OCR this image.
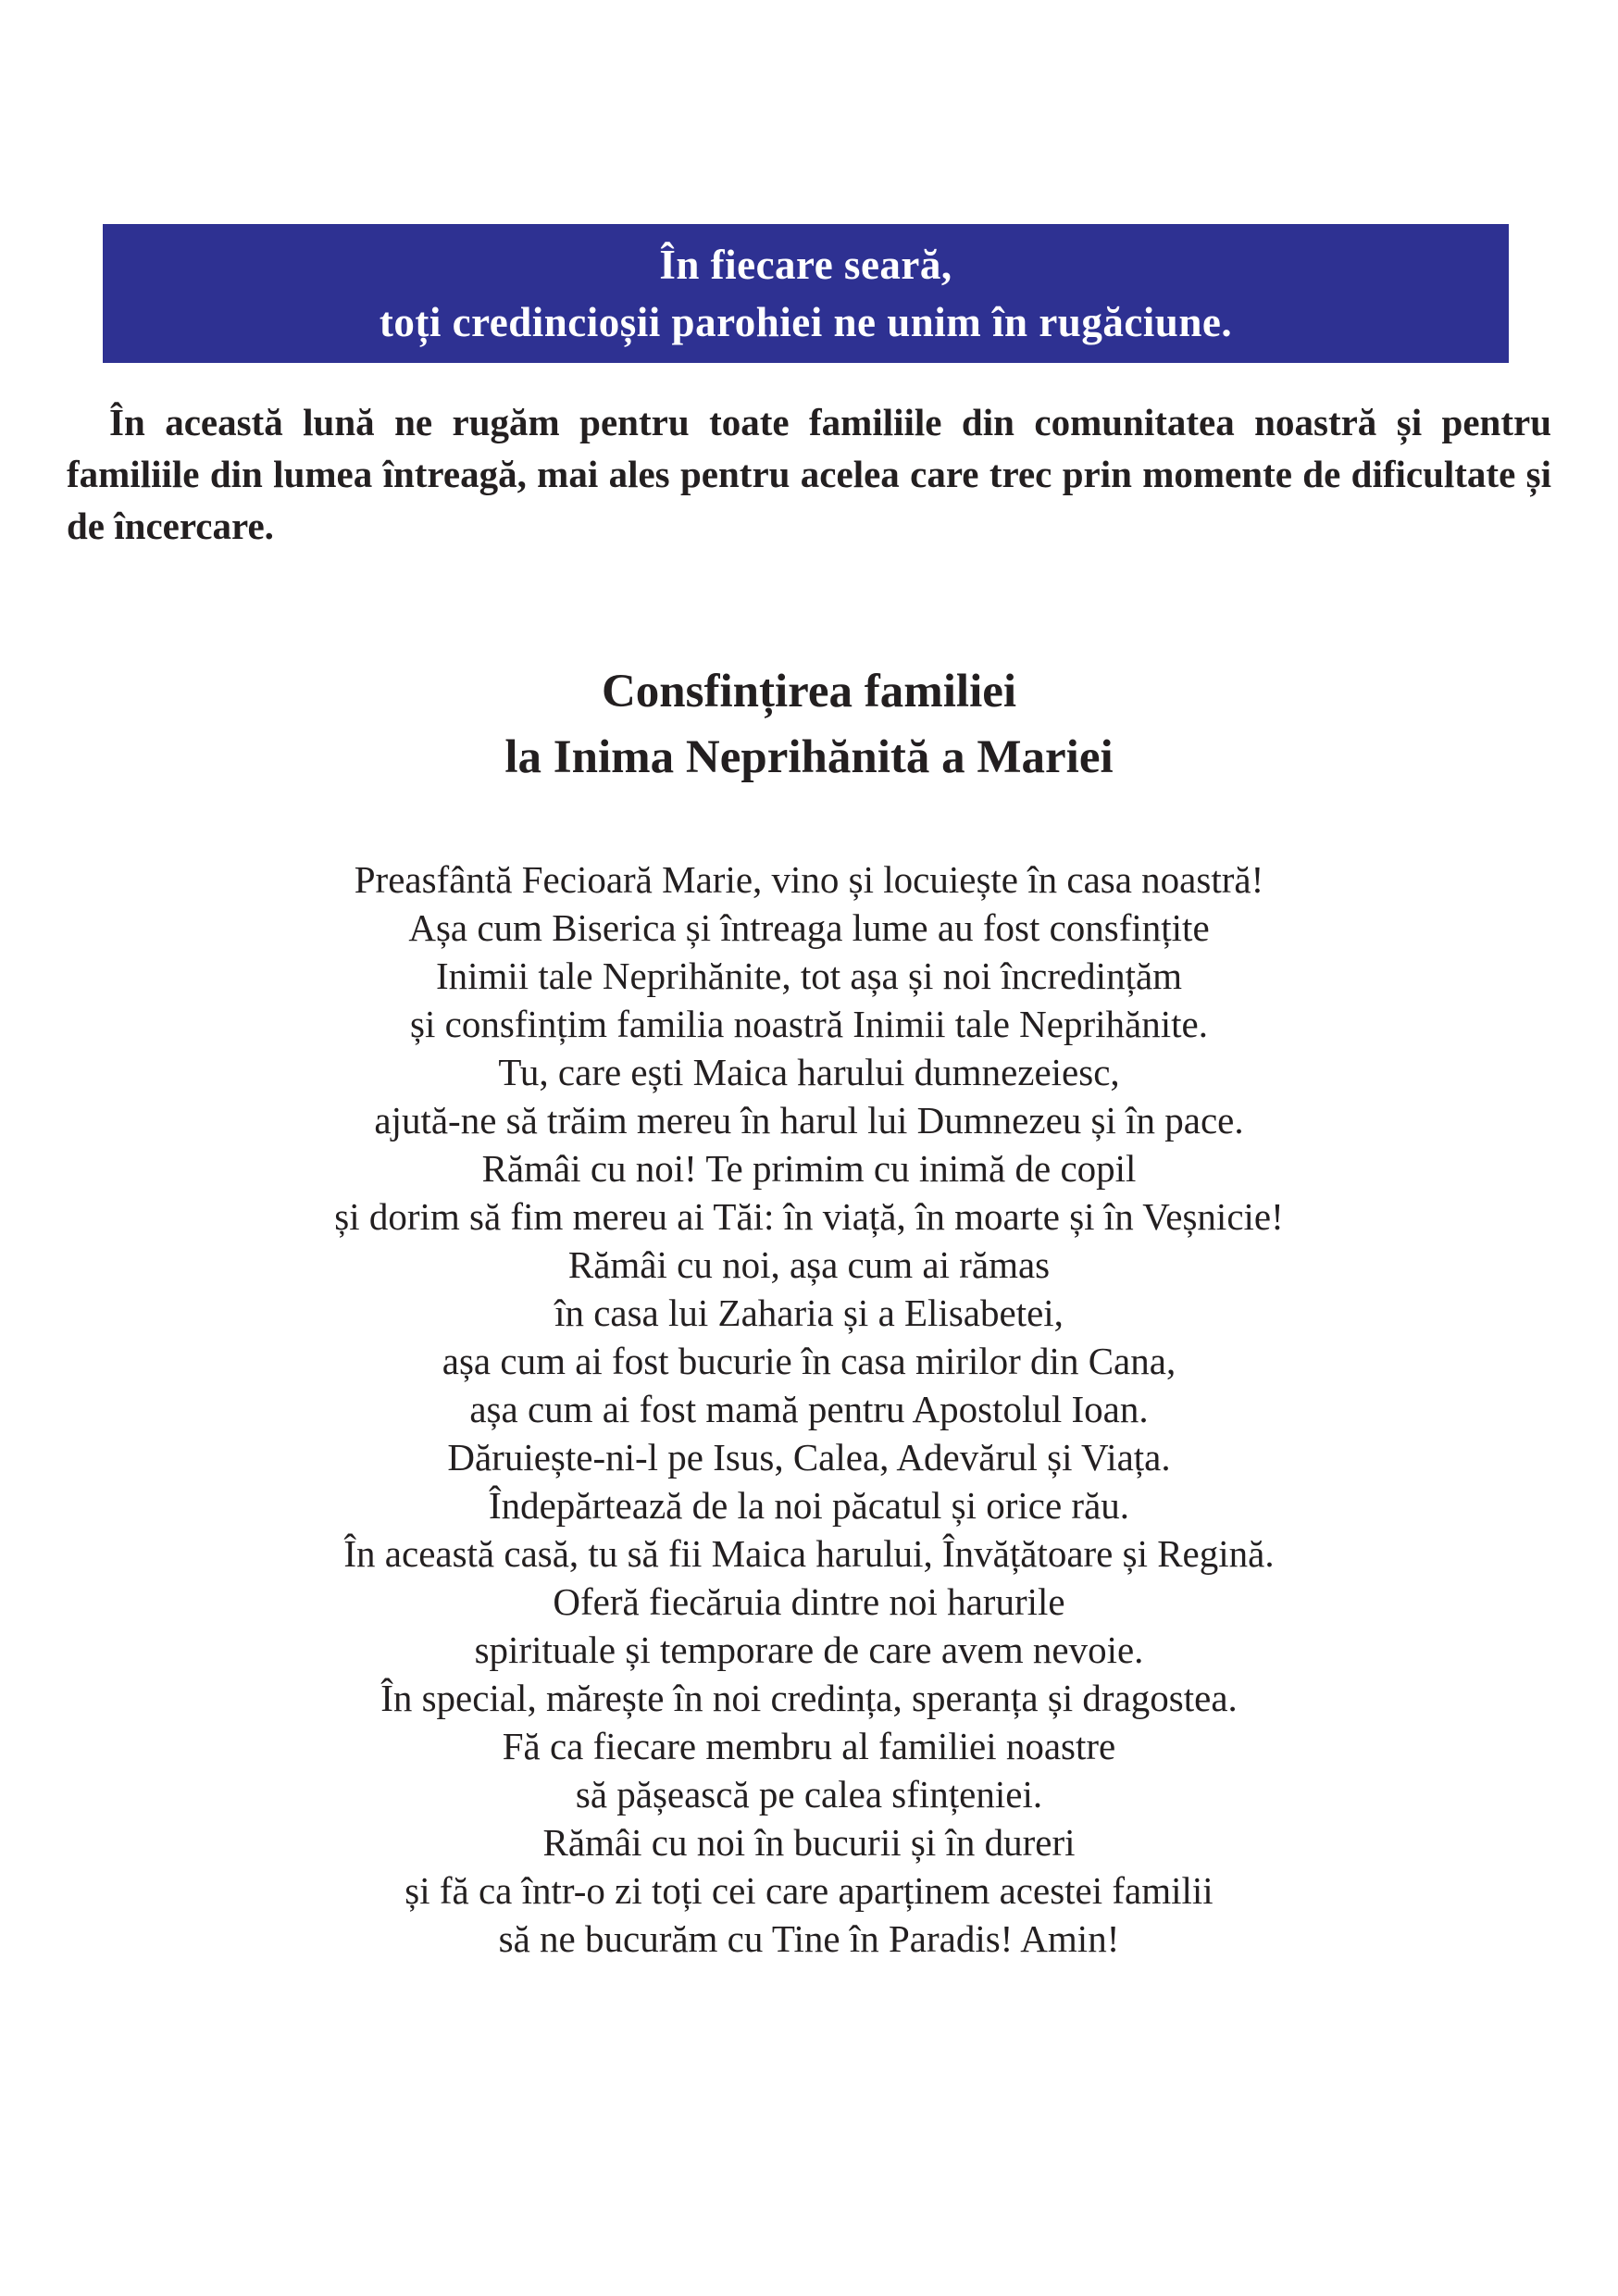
În fiecare seară,
toți credincioșii parohiei ne unim în rugăciune.

În această lună ne rugăm pentru toate familiile din comunitatea noastră și pentru familiile din lumea întreagă, mai ales pentru acelea care trec prin momente de dificultate și de încercare.

Consfințirea familiei
la Inima Neprihănită a Mariei
Preasfântă Fecioară Marie, vino și locuiește în casa noastră!
Așa cum Biserica și întreaga lume au fost consfințite
Inimii tale Neprihănite, tot așa și noi încredințăm
și consfințim familia noastră Inimii tale Neprihănite.
Tu, care ești Maica harului dumnezeiesc,
ajută-ne să trăim mereu în harul lui Dumnezeu și în pace.
Rămâi cu noi! Te primim cu inimă de copil
și dorim să fim mereu ai Tăi: în viață, în moarte și în Veșnicie!
Rămâi cu noi, așa cum ai rămas
în casa lui Zaharia și a Elisabetei,
așa cum ai fost bucurie în casa mirilor din Cana,
așa cum ai fost mamă pentru Apostolul Ioan.
Dăruiește-ni-l pe Isus, Calea, Adevărul și Viața.
Îndepărtează de la noi păcatul și orice rău.
În această casă, tu să fii Maica harului, Învățătoare și Regină.
Oferă fiecăruia dintre noi harurile
spirituale și temporare de care avem nevoie.
În special, mărește în noi credința, speranța și dragostea.
Fă ca fiecare membru al familiei noastre
să pășească pe calea sfințeniei.
Rămâi cu noi în bucurii și în dureri
și fă ca într-o zi toți cei care aparținem acestei familii
să ne bucurăm cu Tine în Paradis! Amin!
